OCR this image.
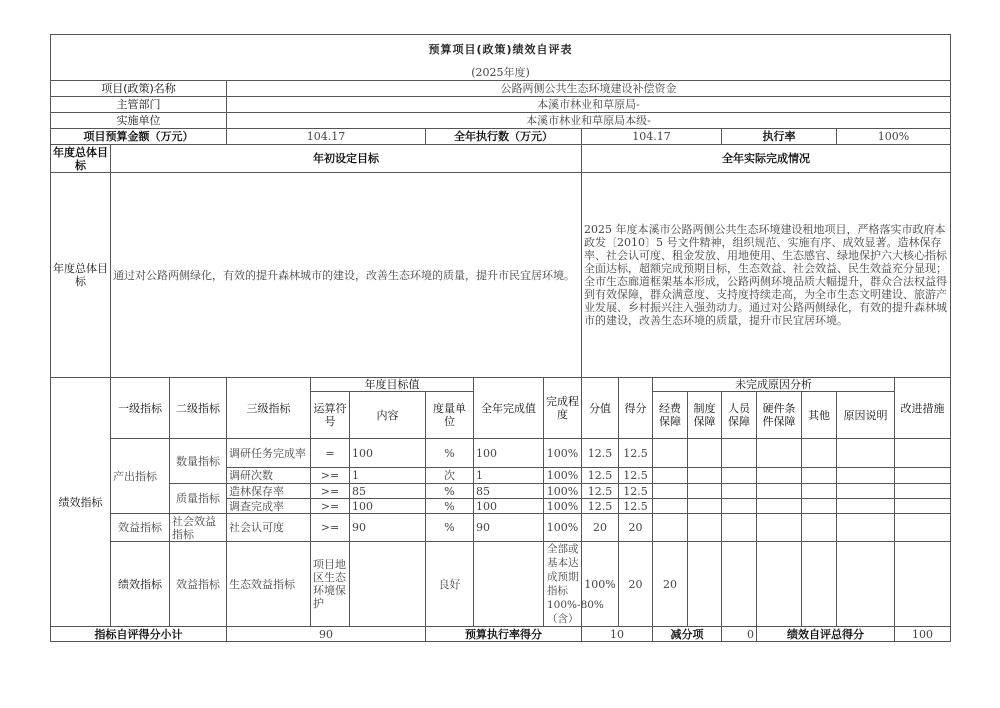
预算项目(政策)绩效自评表																		
(2025年度)																		
项目(政策)名称			公路两侧公共生态环境建设补偿资金															
主管部门			本溪市林业和草原局-															
实施单位			本溪市林业和草原局本级-															
项目预算金额（万元）			104.17			全年执行数（万元）			104.17				执行率			100%		
年度总体目标	年初设定目标								全年实际完成情况									
年度总体目标	通过对公路两侧绿化，有效的提升森林城市的建设，改善生态环境的质量，提升市民宜居环境。								2025 年度本溪市公路两侧公共生态环境建设租地项目，严格落实市政府本政发〔2010〕5 号文件精神，组织规范、实施有序、成效显著。造林保存率、社会认可度、租金发放、用地使用、生态感官、绿地保护六大核心指标全面达标，超额完成预期目标，生态效益、社会效益、民生效益充分显现；全市生态廊道框架基本形成，公路两侧环境品质大幅提升，群众合法权益得到有效保障，群众满意度、支持度持续走高，为全市生态文明建设、旅游产业发展、乡村振兴注入强劲动力。通过对公路两侧绿化，有效的提升森林城市的建设，改善生态环境的质量，提升市民宜居环境。									
绩效指标	一级指标	二级指标	三级指标	年度目标值			全年完成值	完成程度	分值	得分	未完成原因分析						改进措施	
				运算符号	内容	度量单位					经费保障	制度保障	人员保障	硬件条件保障	其他	原因说明		
	产出指标	数量指标	调研任务完成率	=	100	%	100	100%	12.5	12.5								
			调研次数	>=	1	次	1	100%	12.5	12.5								
		质量指标	造林保存率	>=	85	%	85	100%	12.5	12.5								
			调查完成率	>=	100	%	100	100%	12.5	12.5								
	效益指标	社会效益指标	社会认可度	>=	90	%	90	100%	20	20								
	绩效指标	效益指标	生态效益指标	项目地区生态环境保护		良好		全部或基本达成预期指标100%-80%（含）	100%	20	20							
指标自评得分小计			90			预算执行率得分			10		减分项		0	绩效自评总得分			100	
